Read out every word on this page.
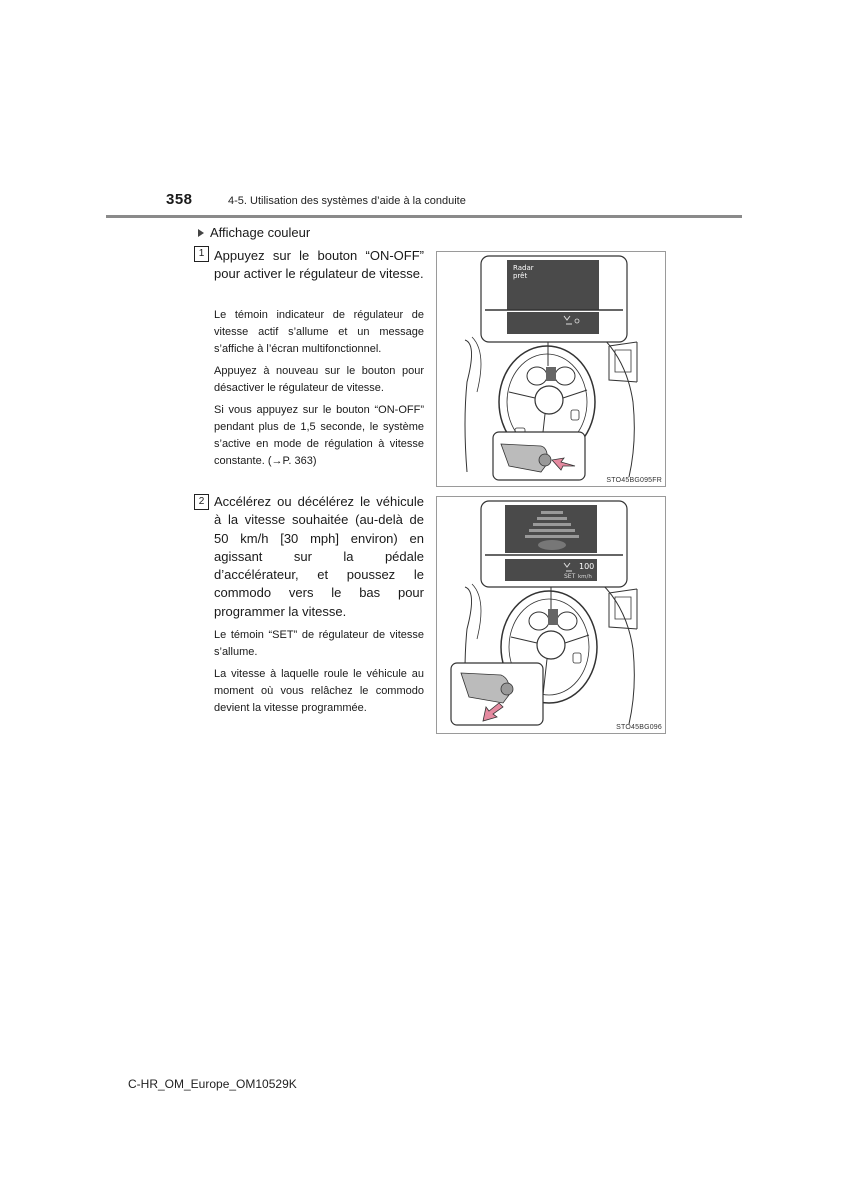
358	4-5. Utilisation des systèmes d’aide à la conduite
Affichage couleur
1 Appuyez sur le bouton “ON-OFF” pour activer le régulateur de vitesse.
Le témoin indicateur de régulateur de vitesse actif s’allume et un message s’affiche à l’écran multifonctionnel.
Appuyez à nouveau sur le bouton pour désactiver le régulateur de vitesse.
Si vous appuyez sur le bouton “ON-OFF” pendant plus de 1,5 seconde, le système s’active en mode de régulation à vitesse constante. (→P. 363)
Radar
prêt
STO45BG095FR
2 Accélérez ou décélérez le véhicule à la vitesse souhaitée (au-delà de 50 km/h [30 mph] environ) en agissant sur la pédale d’accélérateur, et poussez le commodo vers le bas pour programmer la vitesse.
Le témoin “SET” de régulateur de vitesse s’allume.
La vitesse à laquelle roule le véhicule au moment où vous relâchez le commodo devient la vitesse programmée.
SET
100
km/h
STO45BG096
C-HR_OM_Europe_OM10529K
